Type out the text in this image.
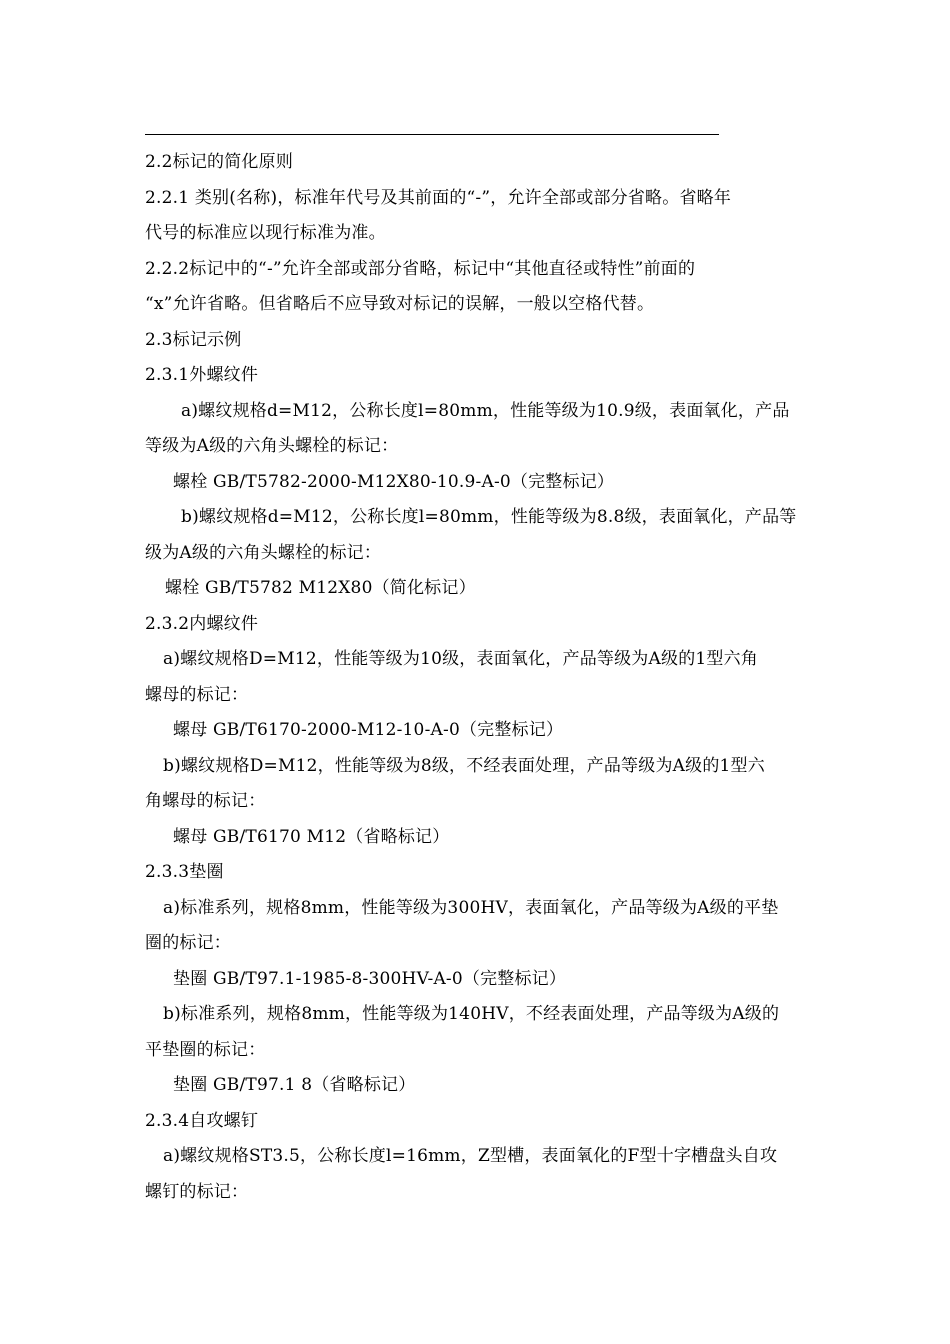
2.2标记的简化原则
2.2.1 类别(名称)，标准年代号及其前面的“-”，允许全部或部分省略。省略年
代号的标准应以现行标准为准。
2.2.2标记中的“-”允许全部或部分省略，标记中“其他直径或特性”前面的
“x”允许省略。但省略后不应导致对标记的误解，一般以空格代替。
2.3标记示例
2.3.1外螺纹件
a)螺纹规格d=M12，公称长度l=80mm，性能等级为10.9级，表面氧化，产品
等级为A级的六角头螺栓的标记：
螺栓 GB/T5782-2000-M12X80-10.9-A-0（完整标记）
b)螺纹规格d=M12，公称长度l=80mm，性能等级为8.8级，表面氧化，产品等
级为A级的六角头螺栓的标记：
螺栓 GB/T5782 M12X80（简化标记）
2.3.2内螺纹件
a)螺纹规格D=M12，性能等级为10级，表面氧化，产品等级为A级的1型六角
螺母的标记：
螺母 GB/T6170-2000-M12-10-A-0（完整标记）
b)螺纹规格D=M12，性能等级为8级，不经表面处理，产品等级为A级的1型六
角螺母的标记：
螺母 GB/T6170 M12（省略标记）
2.3.3垫圈
a)标准系列，规格8mm，性能等级为300HV，表面氧化，产品等级为A级的平垫
圈的标记：
垫圈 GB/T97.1-1985-8-300HV-A-0（完整标记）
b)标准系列，规格8mm，性能等级为140HV，不经表面处理，产品等级为A级的
平垫圈的标记：
垫圈 GB/T97.1 8（省略标记）
2.3.4自攻螺钉
a)螺纹规格ST3.5，公称长度l=16mm，Z型槽，表面氧化的F型十字槽盘头自攻
螺钉的标记：
